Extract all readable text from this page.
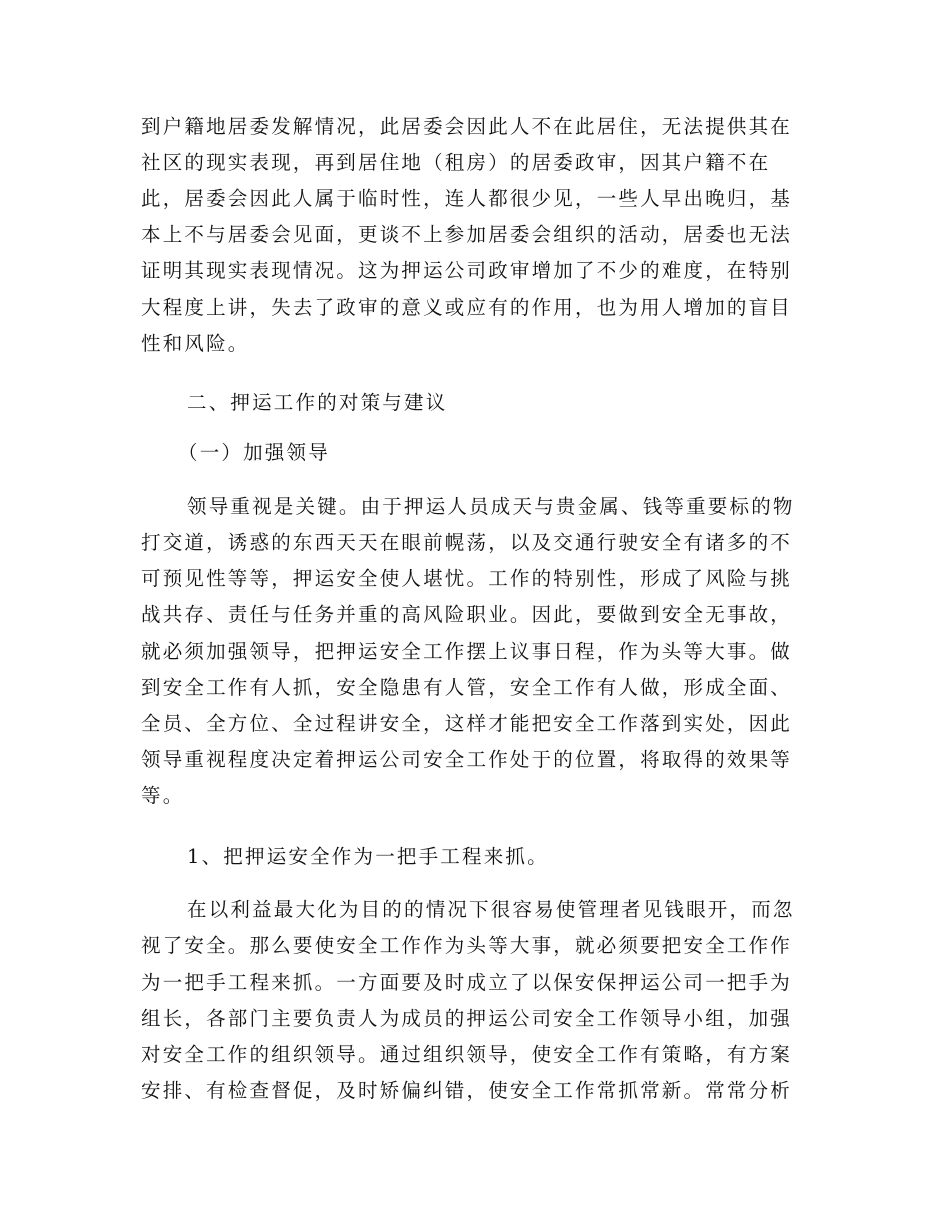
到户籍地居委发解情况，此居委会因此人不在此居住，无法提供其在
社区的现实表现，再到居住地（租房）的居委政审，因其户籍不在
此，居委会因此人属于临时性，连人都很少见，一些人早出晚归，基
本上不与居委会见面，更谈不上参加居委会组织的活动，居委也无法
证明其现实表现情况。这为押运公司政审增加了不少的难度，在特别
大程度上讲，失去了政审的意义或应有的作用，也为用人增加的盲目
性和风险。
二、押运工作的对策与建议
（一）加强领导
领导重视是关键。由于押运人员成天与贵金属、钱等重要标的物
打交道，诱惑的东西天天在眼前幌荡，以及交通行驶安全有诸多的不
可预见性等等，押运安全使人堪忧。工作的特别性，形成了风险与挑
战共存、责任与任务并重的高风险职业。因此，要做到安全无事故，
就必须加强领导，把押运安全工作摆上议事日程，作为头等大事。做
到安全工作有人抓，安全隐患有人管，安全工作有人做，形成全面、
全员、全方位、全过程讲安全，这样才能把安全工作落到实处，因此
领导重视程度决定着押运公司安全工作处于的位置，将取得的效果等
等。
1、把押运安全作为一把手工程来抓。
在以利益最大化为目的的情况下很容易使管理者见钱眼开，而忽
视了安全。那么要使安全工作作为头等大事，就必须要把安全工作作
为一把手工程来抓。一方面要及时成立了以保安保押运公司一把手为
组长，各部门主要负责人为成员的押运公司安全工作领导小组，加强
对安全工作的组织领导。通过组织领导，使安全工作有策略，有方案
安排、有检查督促，及时矫偏纠错，使安全工作常抓常新。常常分析
